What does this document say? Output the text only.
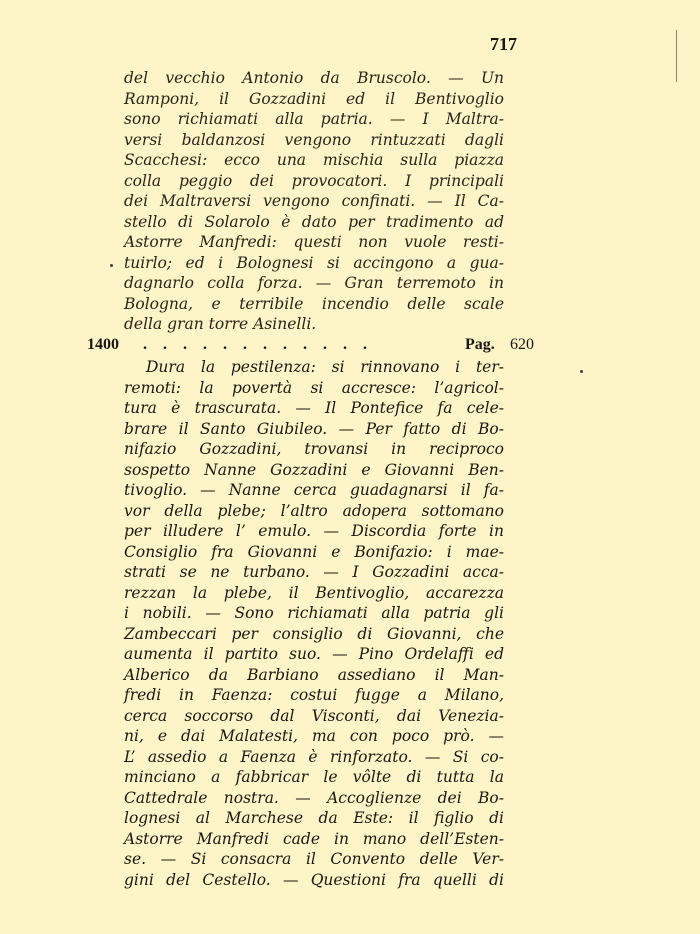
717
del vecchio Antonio da Bruscolo. — Un
Ramponi, il Gozzadini ed il Bentivoglio
sono richiamati alla patria. — I Maltra-
versi baldanzosi vengono rintuzzati dagli
Scacchesi: ecco una mischia sulla piazza
colla peggio dei provocatori. I principali
dei Maltraversi vengono confinati. — Il Ca-
stello di Solarolo è dato per tradimento ad
Astorre Manfredi: questi non vuole resti-
tuirlo; ed i Bolognesi si accingono a gua-
dagnarlo colla forza. — Gran terremoto in
Bologna, e terribile incendio delle scale
della gran torre Asinelli.
1400 . . . . . . . . . . . .	Pag. 620
Dura la pestilenza: si rinnovano i ter-
remoti: la povertà si accresce: l’agricol-
tura è trascurata. — Il Pontefice fa cele-
brare il Santo Giubileo. — Per fatto di Bo-
nifazio Gozzadini, trovansi in reciproco
sospetto Nanne Gozzadini e Giovanni Ben-
tivoglio. — Nanne cerca guadagnarsi il fa-
vor della plebe; l’altro adopera sottomano
per illudere l’ emulo. — Discordia forte in
Consiglio fra Giovanni e Bonifazio: i mae-
strati se ne turbano. — I Gozzadini acca-
rezzan la plebe, il Bentivoglio, accarezza
i nobili. — Sono richiamati alla patria gli
Zambeccari per consiglio di Giovanni, che
aumenta il partito suo. — Pino Ordelaffi ed
Alberico da Barbiano assediano il Man-
fredi in Faenza: costui fugge a Milano,
cerca soccorso dal Visconti, dai Venezia-
ni, e dai Malatesti, ma con poco prò. —
L’ assedio a Faenza è rinforzato. — Si co-
minciano a fabbricar le vôlte di tutta la
Cattedrale nostra. — Accoglienze dei Bo-
lognesi al Marchese da Este: il figlio di
Astorre Manfredi cade in mano dell’Esten-
se. — Si consacra il Convento delle Ver-
gini del Cestello. — Questioni fra quelli di
